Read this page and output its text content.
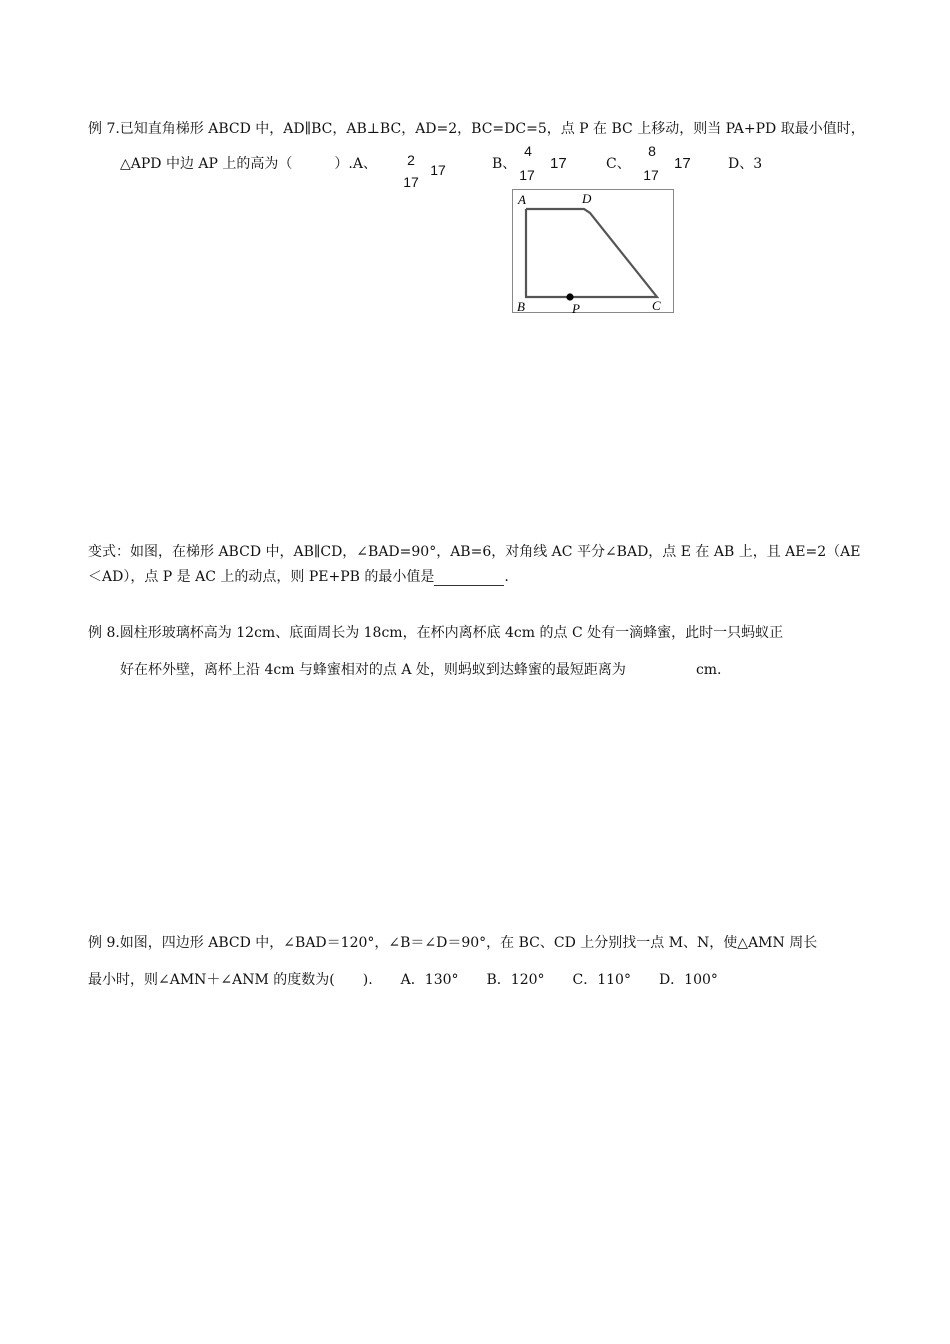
例 7.已知直角梯形 ABCD 中，AD∥BC，AB⊥BC，AD=2，BC=DC=5，点 P 在 BC 上移动，则当 PA+PD 取最小值时，
△APD 中边 AP 上的高为（　　　）.A、 2
17
17	B、
4
17
17	C、
8
17
17	D、3
A	D
B	P	C
变式：如图，在梯形 ABCD 中，AB∥CD，∠BAD=90°，AB=6，对角线 AC 平分∠BAD，点 E 在 AB 上，且 AE=2（AE
＜AD），点 P 是 AC 上的动点，则 PE+PB 的最小值是	.
例 8.圆柱形玻璃杯高为 12cm、底面周长为 18cm，在杯内离杯底 4cm 的点 C 处有一滴蜂蜜，此时一只蚂蚁正
好在杯外壁，离杯上沿 4cm 与蜂蜜相对的点 A 处，则蚂蚁到达蜂蜜的最短距离为	cm.
例 9.如图，四边形 ABCD 中，∠BAD＝120°，∠B＝∠D＝90°，在 BC、CD 上分别找一点 M、N，使△AMN 周长
最小时，则∠AMN＋∠ANM 的度数为(　　).　　A．130°　　B．120°　　C．110°　　D．100°
